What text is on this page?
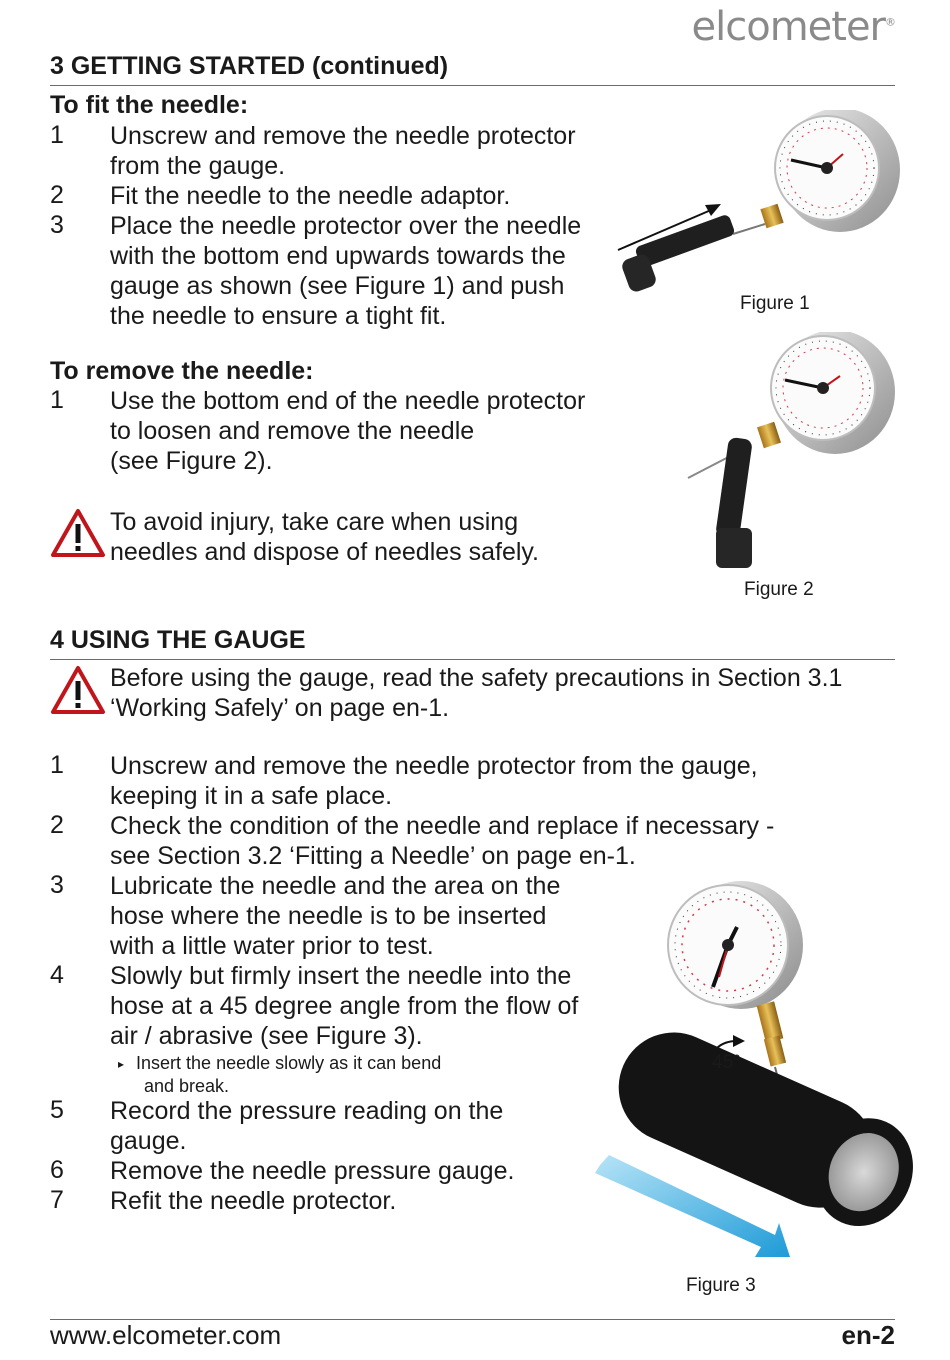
elcometer®
3 GETTING STARTED (continued)
To fit the needle:
1	Unscrew and remove the needle protector
from the gauge.
2	Fit the needle to the needle adaptor.
3	Place the needle protector over the needle
with the bottom end upwards towards the
gauge as shown (see Figure 1) and push
the needle to ensure a tight fit.
To remove the needle:
1	Use the bottom end of the needle protector
to loosen and remove the needle
(see Figure 2).
To avoid injury, take care when using
needles and dispose of needles safely.
Figure 1
Figure 2
4 USING THE GAUGE
Before using the gauge, read the safety precautions in Section 3.1
‘Working Safely’ on page en-1.
1	Unscrew and remove the needle protector from the gauge,
keeping it in a safe place.
2	Check the condition of the needle and replace if necessary -
see Section 3.2 ‘Fitting a Needle’ on page en-1.
3	Lubricate the needle and the area on the
hose where the needle is to be inserted
with a little water prior to test.
4	Slowly but firmly insert the needle into the
hose at a 45 degree angle from the flow of
air / abrasive (see Figure 3).
▸ Insert the needle slowly as it can bend
and break.
5	Record the pressure reading on the
gauge.
6	Remove the needle pressure gauge.
7	Refit the needle protector.
45°
Figure 3
www.elcometer.com	en-2
